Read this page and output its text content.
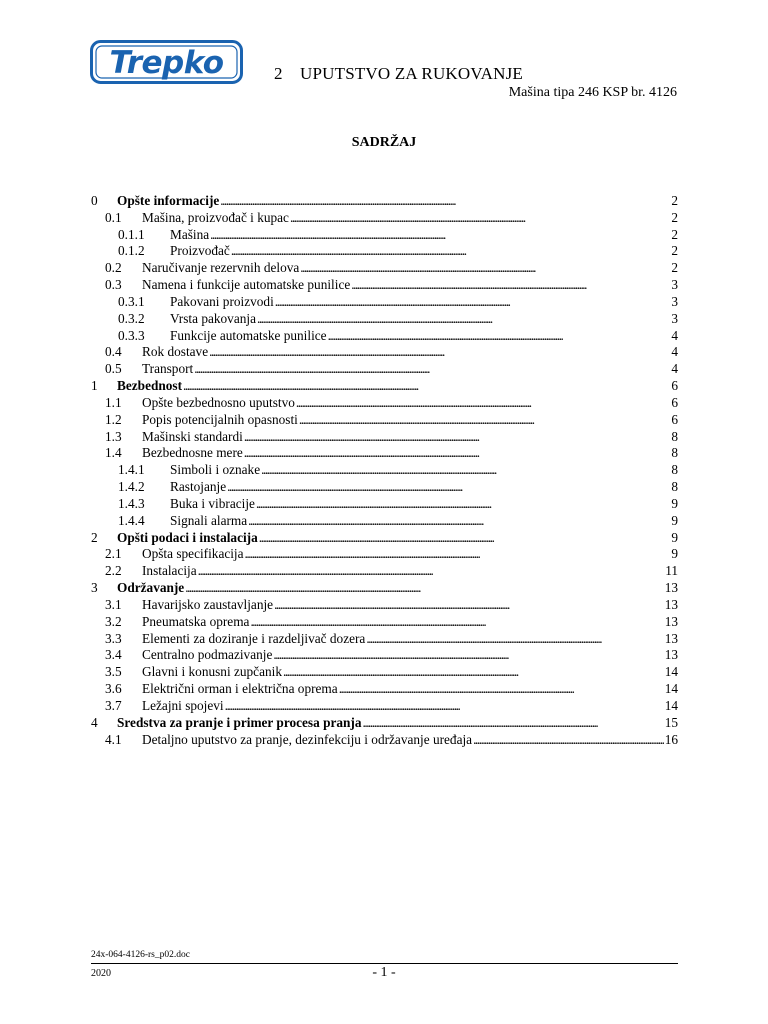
Trepko	2 UPUTSTVO ZA RUKOVANJE
Mašina tipa 246 KSP br. 4126
SADRŽAJ
0 Opšte informacije . . .	2
0.1 Mašina, proizvođač i kupac . . .	2
0.1.1 Mašina . . .	2
0.1.2 Proizvođač . . .	2
0.2 Naručivanje rezervnih delova . . .	2
0.3 Namena i funkcije automatske punilice . . .	3
0.3.1 Pakovani proizvodi . . .	3
0.3.2 Vrsta pakovanja . . .	3
0.3.3 Funkcije automatske punilice . . .	4
0.4 Rok dostave . . .	4
0.5 Transport . . .	4
1 Bezbednost . . .	6
1.1 Opšte bezbednosno uputstvo . . .	6
1.2 Popis potencijalnih opasnosti . . .	6
1.3 Mašinski standardi . . .	8
1.4 Bezbednosne mere . . .	8
1.4.1 Simboli i oznake . . .	8
1.4.2 Rastojanje . . .	8
1.4.3 Buka i vibracije . . .	9
1.4.4 Signali alarma . . .	9
2 Opšti podaci i instalacija . . .	9
2.1 Opšta specifikacija . . .	9
2.2 Instalacija . . .	11
3 Održavanje . . .	13
3.1 Havarijsko zaustavljanje . . .	13
3.2 Pneumatska oprema . . .	13
3.3 Elementi za doziranje i razdeljivač dozera . . .	13
3.4 Centralno podmazivanje . . .	13
3.5 Glavni i konusni zupčanik . . .	14
3.6 Električni orman i električna oprema . . .	14
3.7 Ležajni spojevi . . .	14
4 Sredstva za pranje i primer procesa pranja . . .	15
4.1 Detaljno uputstvo za pranje, dezinfekciju i održavanje uređaja . . .	16
24x-064-4126-rs_p02.doc
2020	- 1 -
